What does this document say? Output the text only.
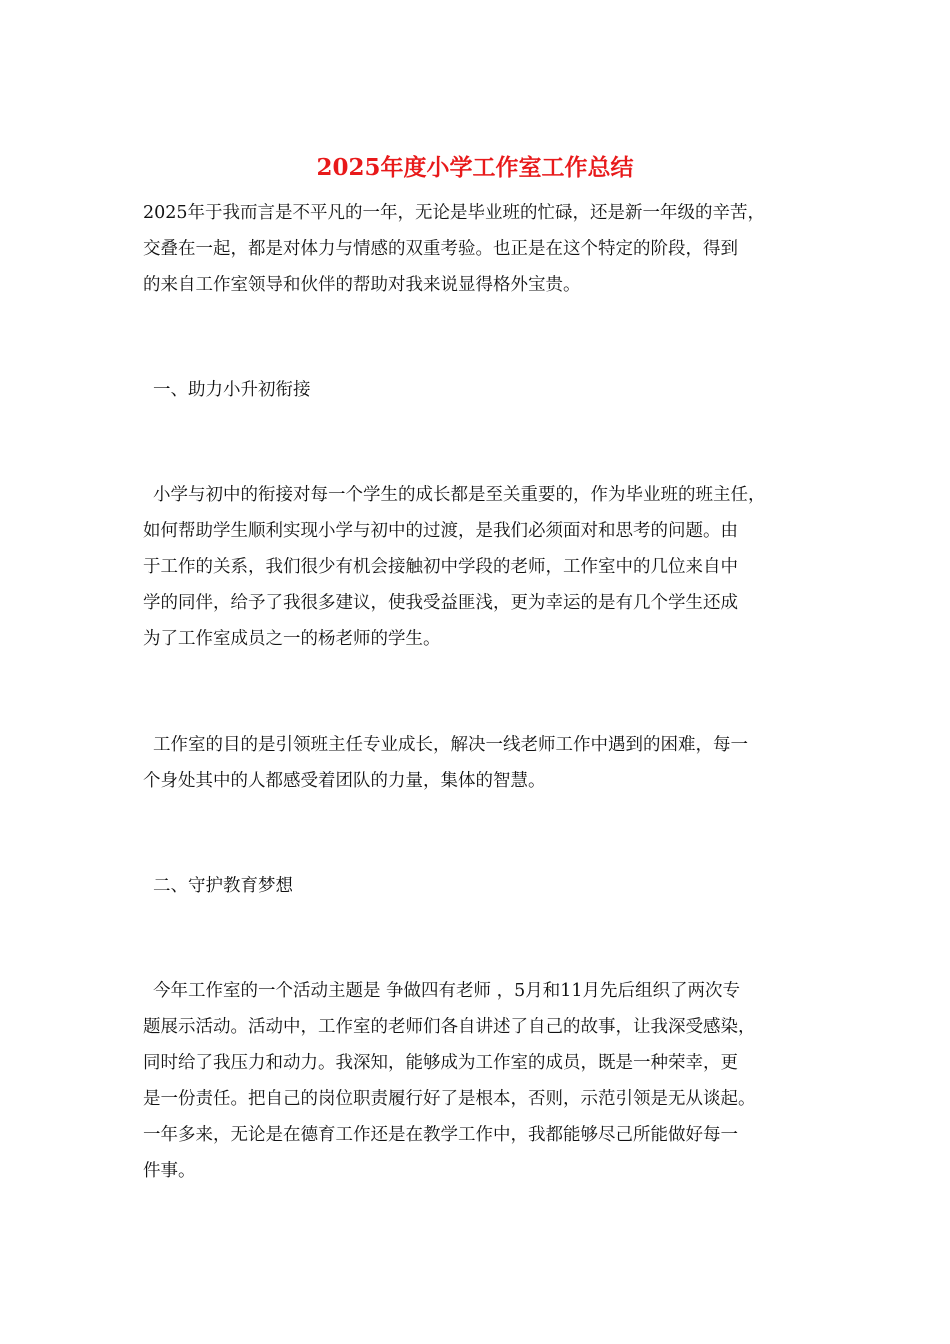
2025年度小学工作室工作总结

2025年于我而言是不平凡的一年，无论是毕业班的忙碌，还是新一年级的辛苦，

交叠在一起，都是对体力与情感的双重考验。也正是在这个特定的阶段，得到

的来自工作室领导和伙伴的帮助对我来说显得格外宝贵。

一、助力小升初衔接

小学与初中的衔接对每一个学生的成长都是至关重要的，作为毕业班的班主任，

如何帮助学生顺利实现小学与初中的过渡，是我们必须面对和思考的问题。由

于工作的关系，我们很少有机会接触初中学段的老师，工作室中的几位来自中

学的同伴，给予了我很多建议，使我受益匪浅，更为幸运的是有几个学生还成

为了工作室成员之一的杨老师的学生。

工作室的目的是引领班主任专业成长，解决一线老师工作中遇到的困难，每一

个身处其中的人都感受着团队的力量，集体的智慧。

二、守护教育梦想

今年工作室的一个活动主题是 争做四有老师 ，5月和11月先后组织了两次专

题展示活动。活动中，工作室的老师们各自讲述了自己的故事，让我深受感染，

同时给了我压力和动力。我深知，能够成为工作室的成员，既是一种荣幸，更

是一份责任。把自己的岗位职责履行好了是根本，否则，示范引领是无从谈起。

一年多来，无论是在德育工作还是在教学工作中，我都能够尽己所能做好每一

件事。
